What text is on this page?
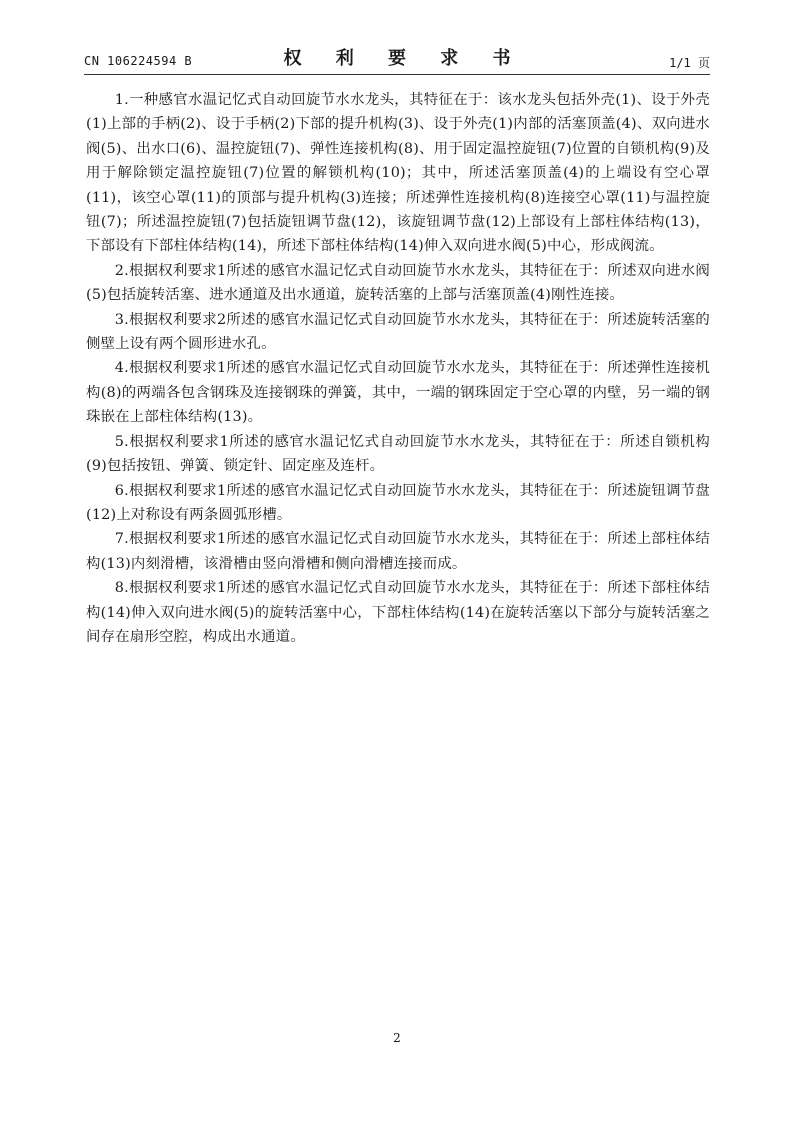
CN 106224594 B	权 利 要 求 书	1/1 页

1.一种感官水温记忆式自动回旋节水水龙头，其特征在于：该水龙头包括外壳(1)、设于外壳(1)上部的手柄(2)、设于手柄(2)下部的提升机构(3)、设于外壳(1)内部的活塞顶盖(4)、双向进水阀(5)、出水口(6)、温控旋钮(7)、弹性连接机构(8)、用于固定温控旋钮(7)位置的自锁机构(9)及用于解除锁定温控旋钮(7)位置的解锁机构(10)；其中，所述活塞顶盖(4)的上端设有空心罩(11)，该空心罩(11)的顶部与提升机构(3)连接；所述弹性连接机构(8)连接空心罩(11)与温控旋钮(7)；所述温控旋钮(7)包括旋钮调节盘(12)，该旋钮调节盘(12)上部设有上部柱体结构(13)，下部设有下部柱体结构(14)，所述下部柱体结构(14)伸入双向进水阀(5)中心，形成阀流。

2.根据权利要求1所述的感官水温记忆式自动回旋节水水龙头，其特征在于：所述双向进水阀(5)包括旋转活塞、进水通道及出水通道，旋转活塞的上部与活塞顶盖(4)刚性连接。

3.根据权利要求2所述的感官水温记忆式自动回旋节水水龙头，其特征在于：所述旋转活塞的侧壁上设有两个圆形进水孔。

4.根据权利要求1所述的感官水温记忆式自动回旋节水水龙头，其特征在于：所述弹性连接机构(8)的两端各包含钢珠及连接钢珠的弹簧，其中，一端的钢珠固定于空心罩的内壁，另一端的钢珠嵌在上部柱体结构(13)。

5.根据权利要求1所述的感官水温记忆式自动回旋节水水龙头，其特征在于：所述自锁机构(9)包括按钮、弹簧、锁定针、固定座及连杆。

6.根据权利要求1所述的感官水温记忆式自动回旋节水水龙头，其特征在于：所述旋钮调节盘(12)上对称设有两条圆弧形槽。

7.根据权利要求1所述的感官水温记忆式自动回旋节水水龙头，其特征在于：所述上部柱体结构(13)内刻滑槽，该滑槽由竖向滑槽和侧向滑槽连接而成。

8.根据权利要求1所述的感官水温记忆式自动回旋节水水龙头，其特征在于：所述下部柱体结构(14)伸入双向进水阀(5)的旋转活塞中心，下部柱体结构(14)在旋转活塞以下部分与旋转活塞之间存在扇形空腔，构成出水通道。

2
